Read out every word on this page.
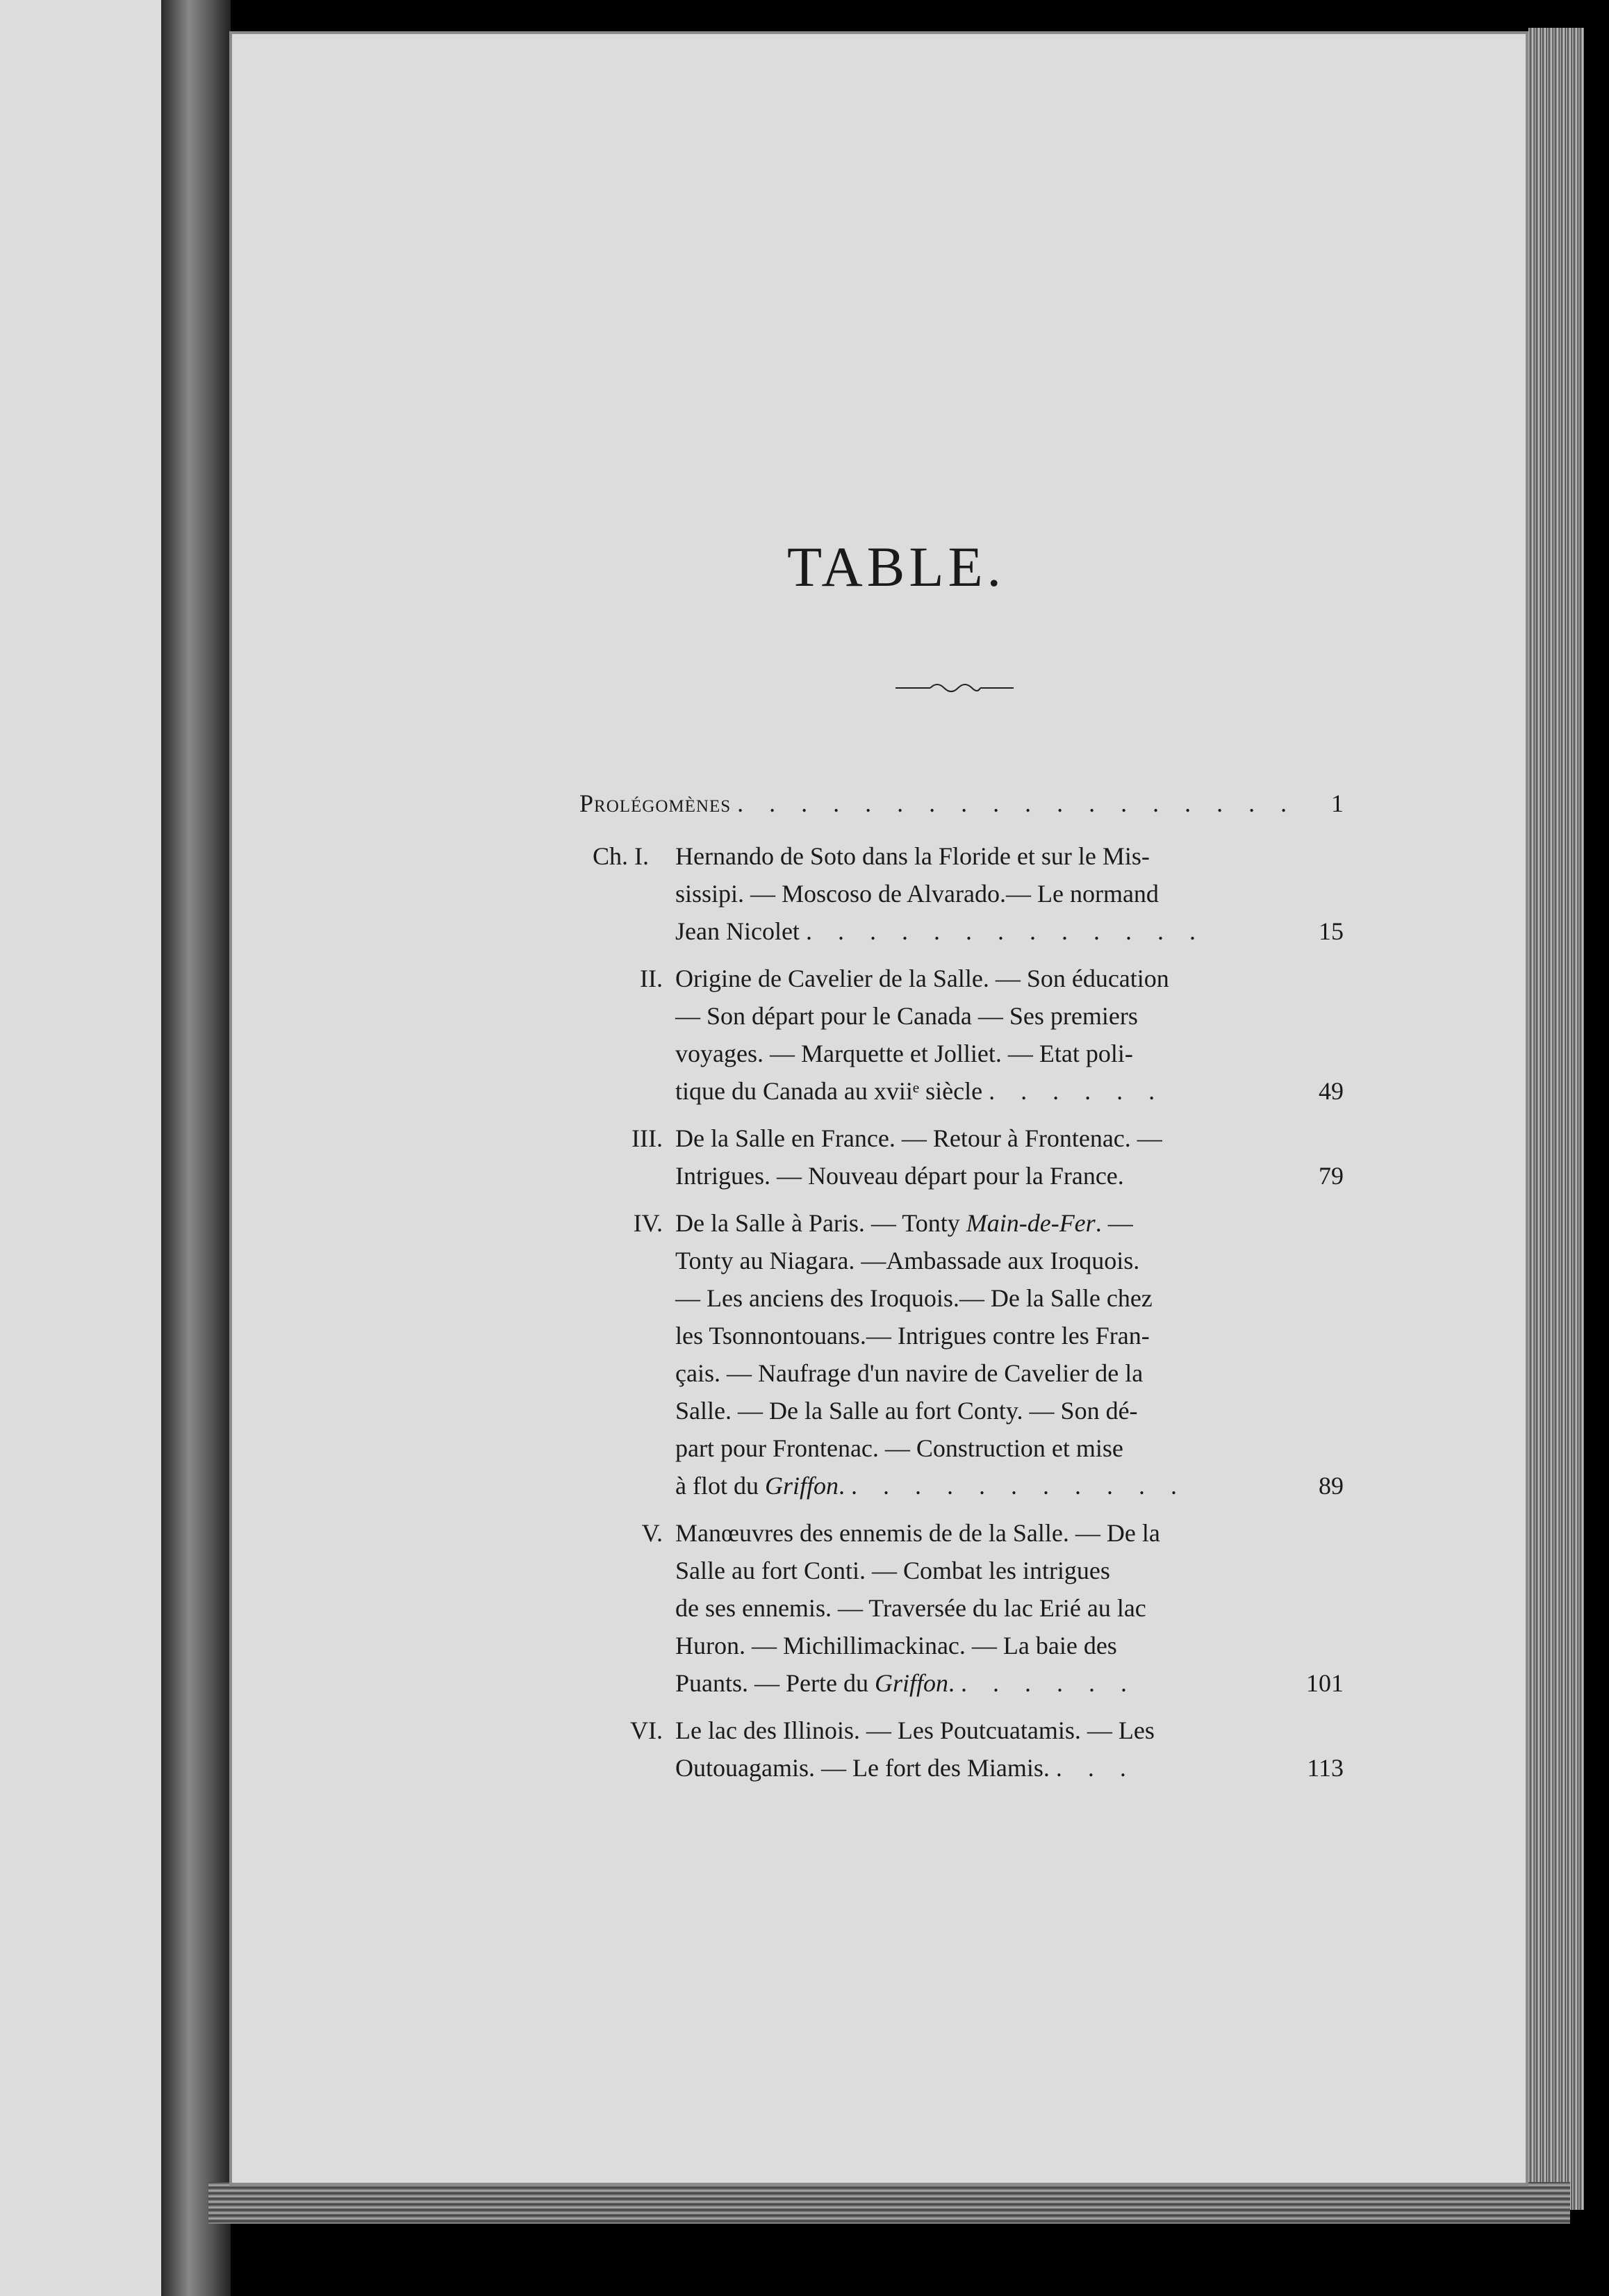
TABLE.
Prolégomènes . . . . . . . . . . . . . . . . . .	1
Ch. I. Hernando de Soto dans la Floride et sur le Mis-
sissipi. — Moscoso de Alvarado.— Le normand
Jean Nicolet . . . . . . . . . . . . .	15
II. Origine de Cavelier de la Salle. — Son éducation
— Son départ pour le Canada — Ses premiers
voyages. — Marquette et Jolliet. — Etat poli-
tique du Canada au xviiᵉ siècle . . . . . .	49
III. De la Salle en France. — Retour à Frontenac. —
Intrigues. — Nouveau départ pour la France.	79
IV. De la Salle à Paris. — Tonty Main-de-Fer. —
Tonty au Niagara. —Ambassade aux Iroquois.
— Les anciens des Iroquois.— De la Salle chez
les Tsonnontouans.— Intrigues contre les Fran-
çais. — Naufrage d'un navire de Cavelier de la
Salle. — De la Salle au fort Conty. — Son dé-
part pour Frontenac. — Construction et mise
à flot du Griffon. . . . . . . . . . . .	89
V. Manœuvres des ennemis de de la Salle. — De la
Salle au fort Conti. — Combat les intrigues
de ses ennemis. — Traversée du lac Erié au lac
Huron. — Michillimackinac. — La baie des
Puants. — Perte du Griffon. . . . . . .	101
VI. Le lac des Illinois. — Les Poutcuatamis. — Les
Outouagamis. — Le fort des Miamis. . . .	113
